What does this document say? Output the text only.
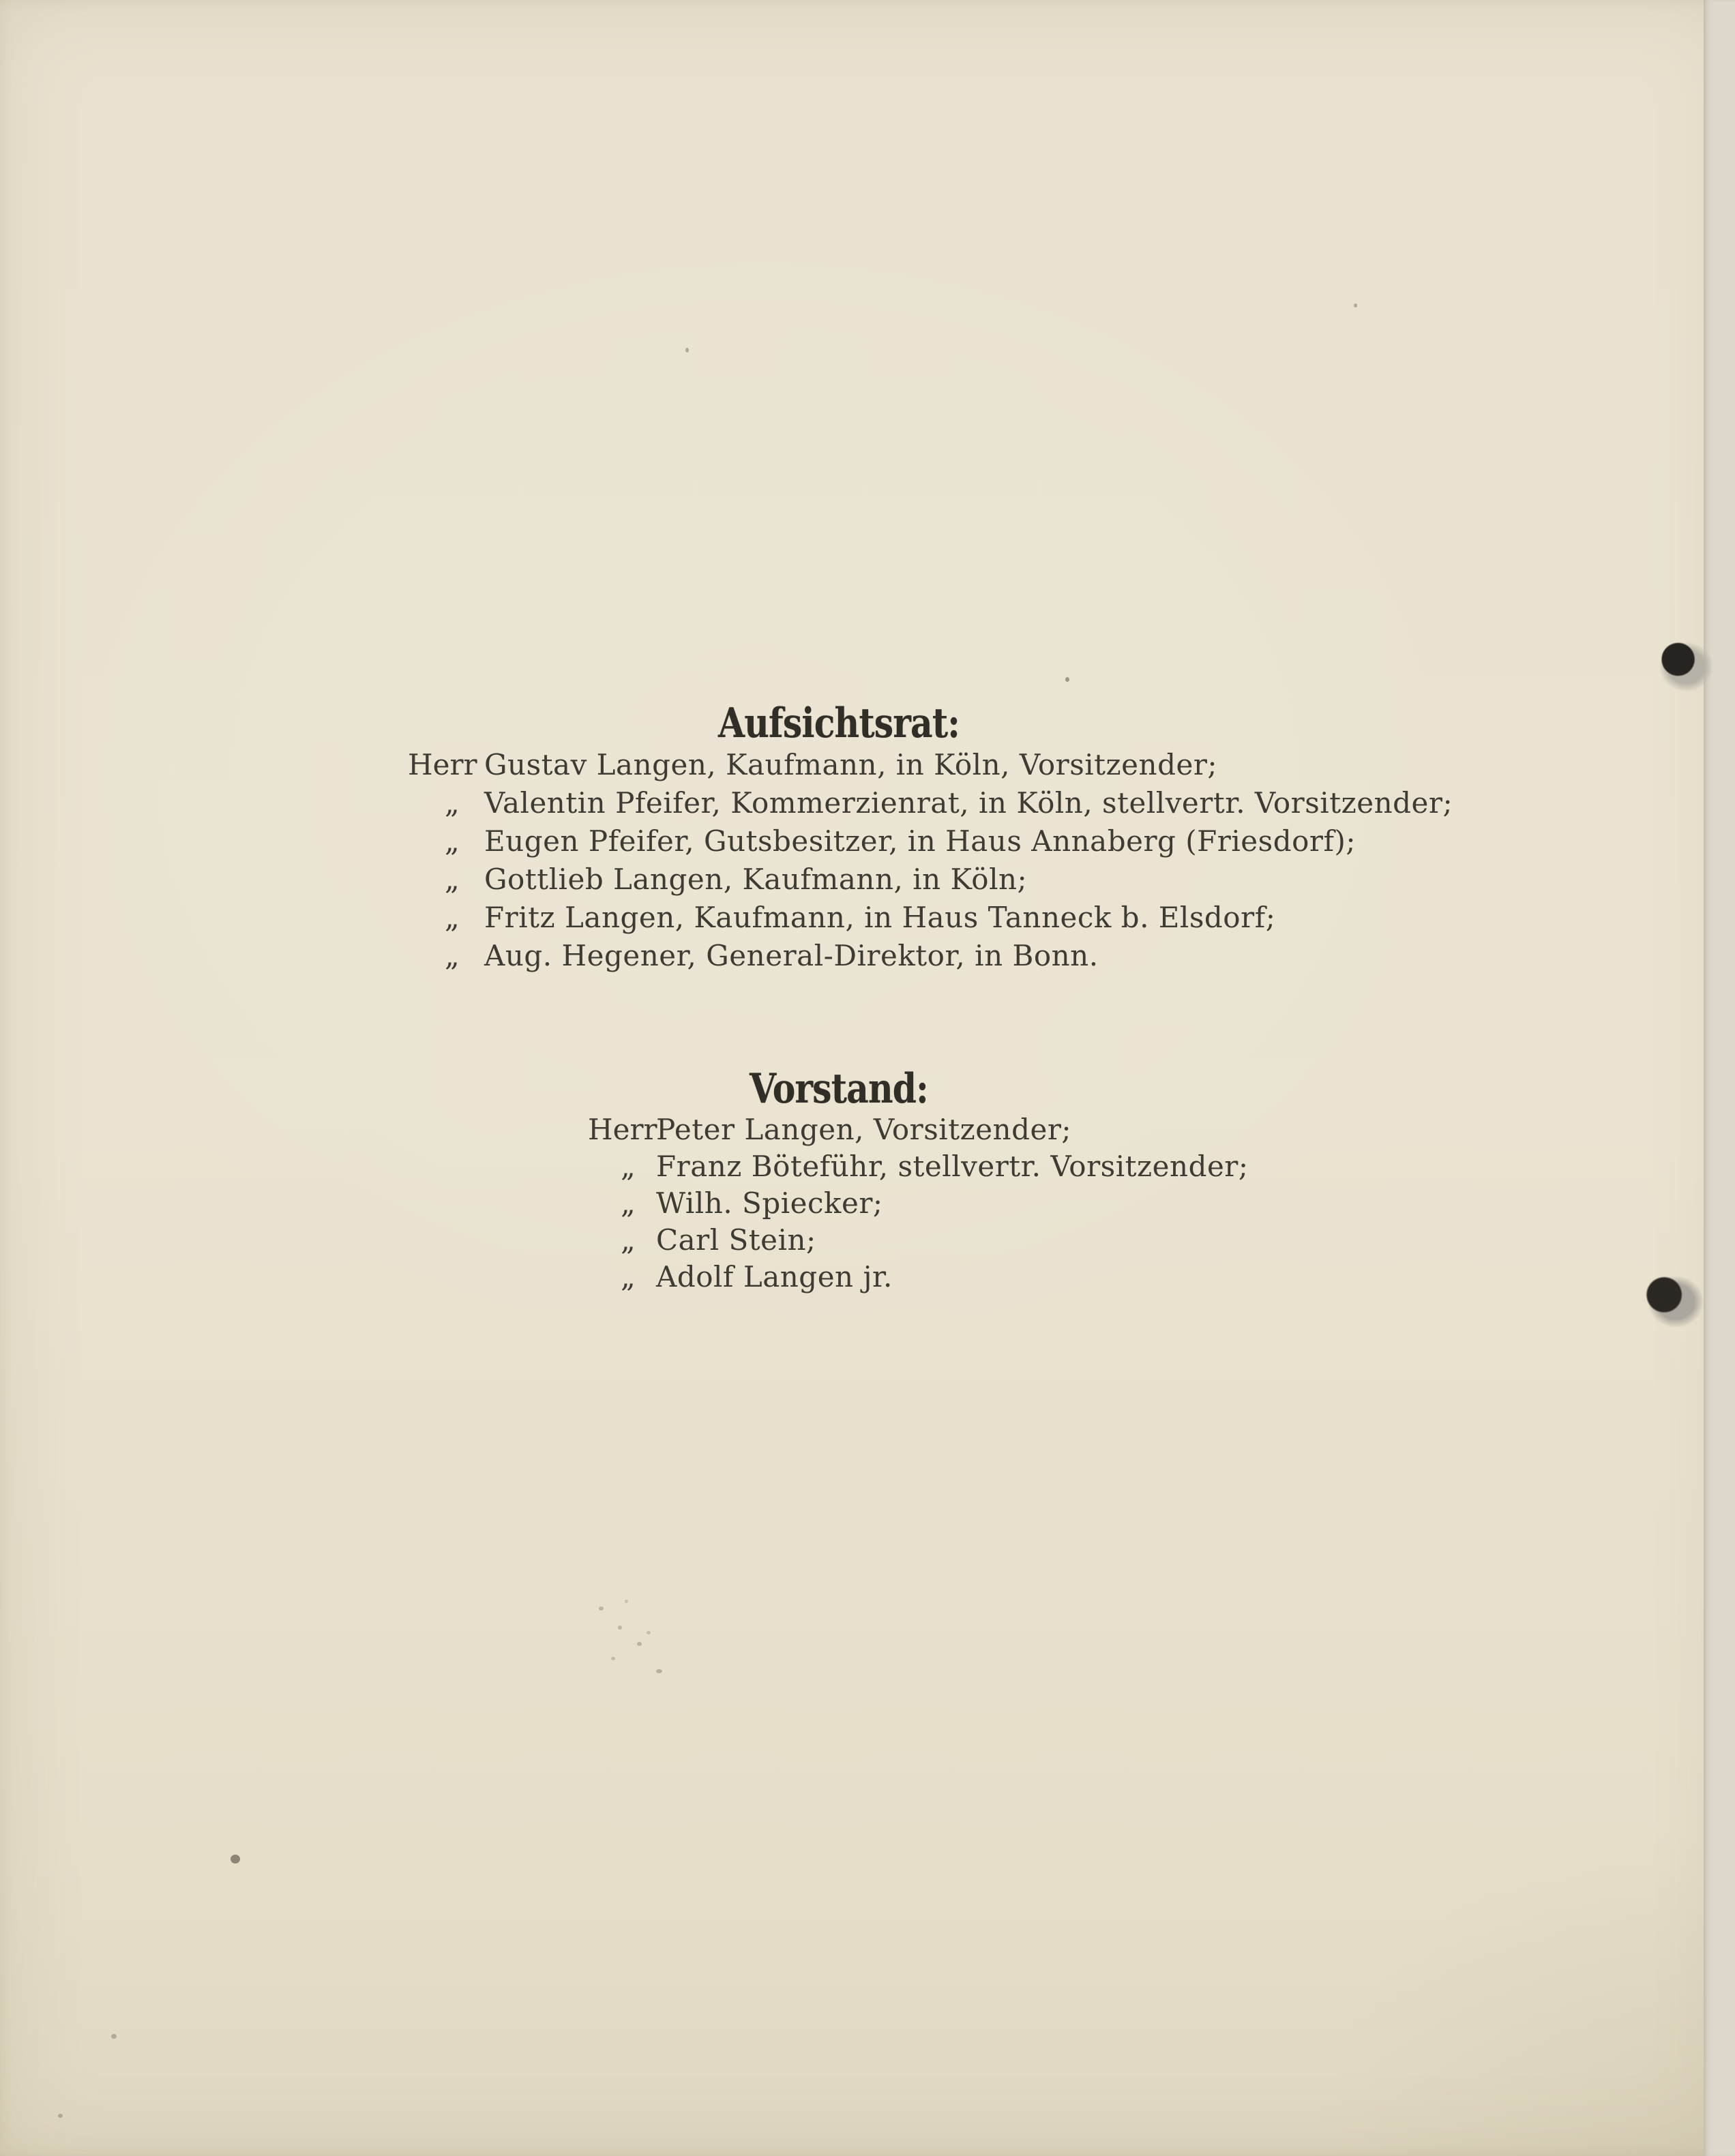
Aufsichtsrat:
Herr Gustav Langen, Kaufmann, in Köln, Vorsitzender;
„ Valentin Pfeifer, Kommerzienrat, in Köln, stellvertr. Vorsitzender;
„ Eugen Pfeifer, Gutsbesitzer, in Haus Annaberg (Friesdorf);
„ Gottlieb Langen, Kaufmann, in Köln;
„ Fritz Langen, Kaufmann, in Haus Tanneck b. Elsdorf;
„ Aug. Hegener, General-Direktor, in Bonn.
Vorstand:
Herr
Peter Langen, Vorsitzender;
„ Franz Böteführ, stellvertr. Vorsitzender;
„ Wilh. Spiecker;
„ Carl Stein;
„ Adolf Langen jr.
